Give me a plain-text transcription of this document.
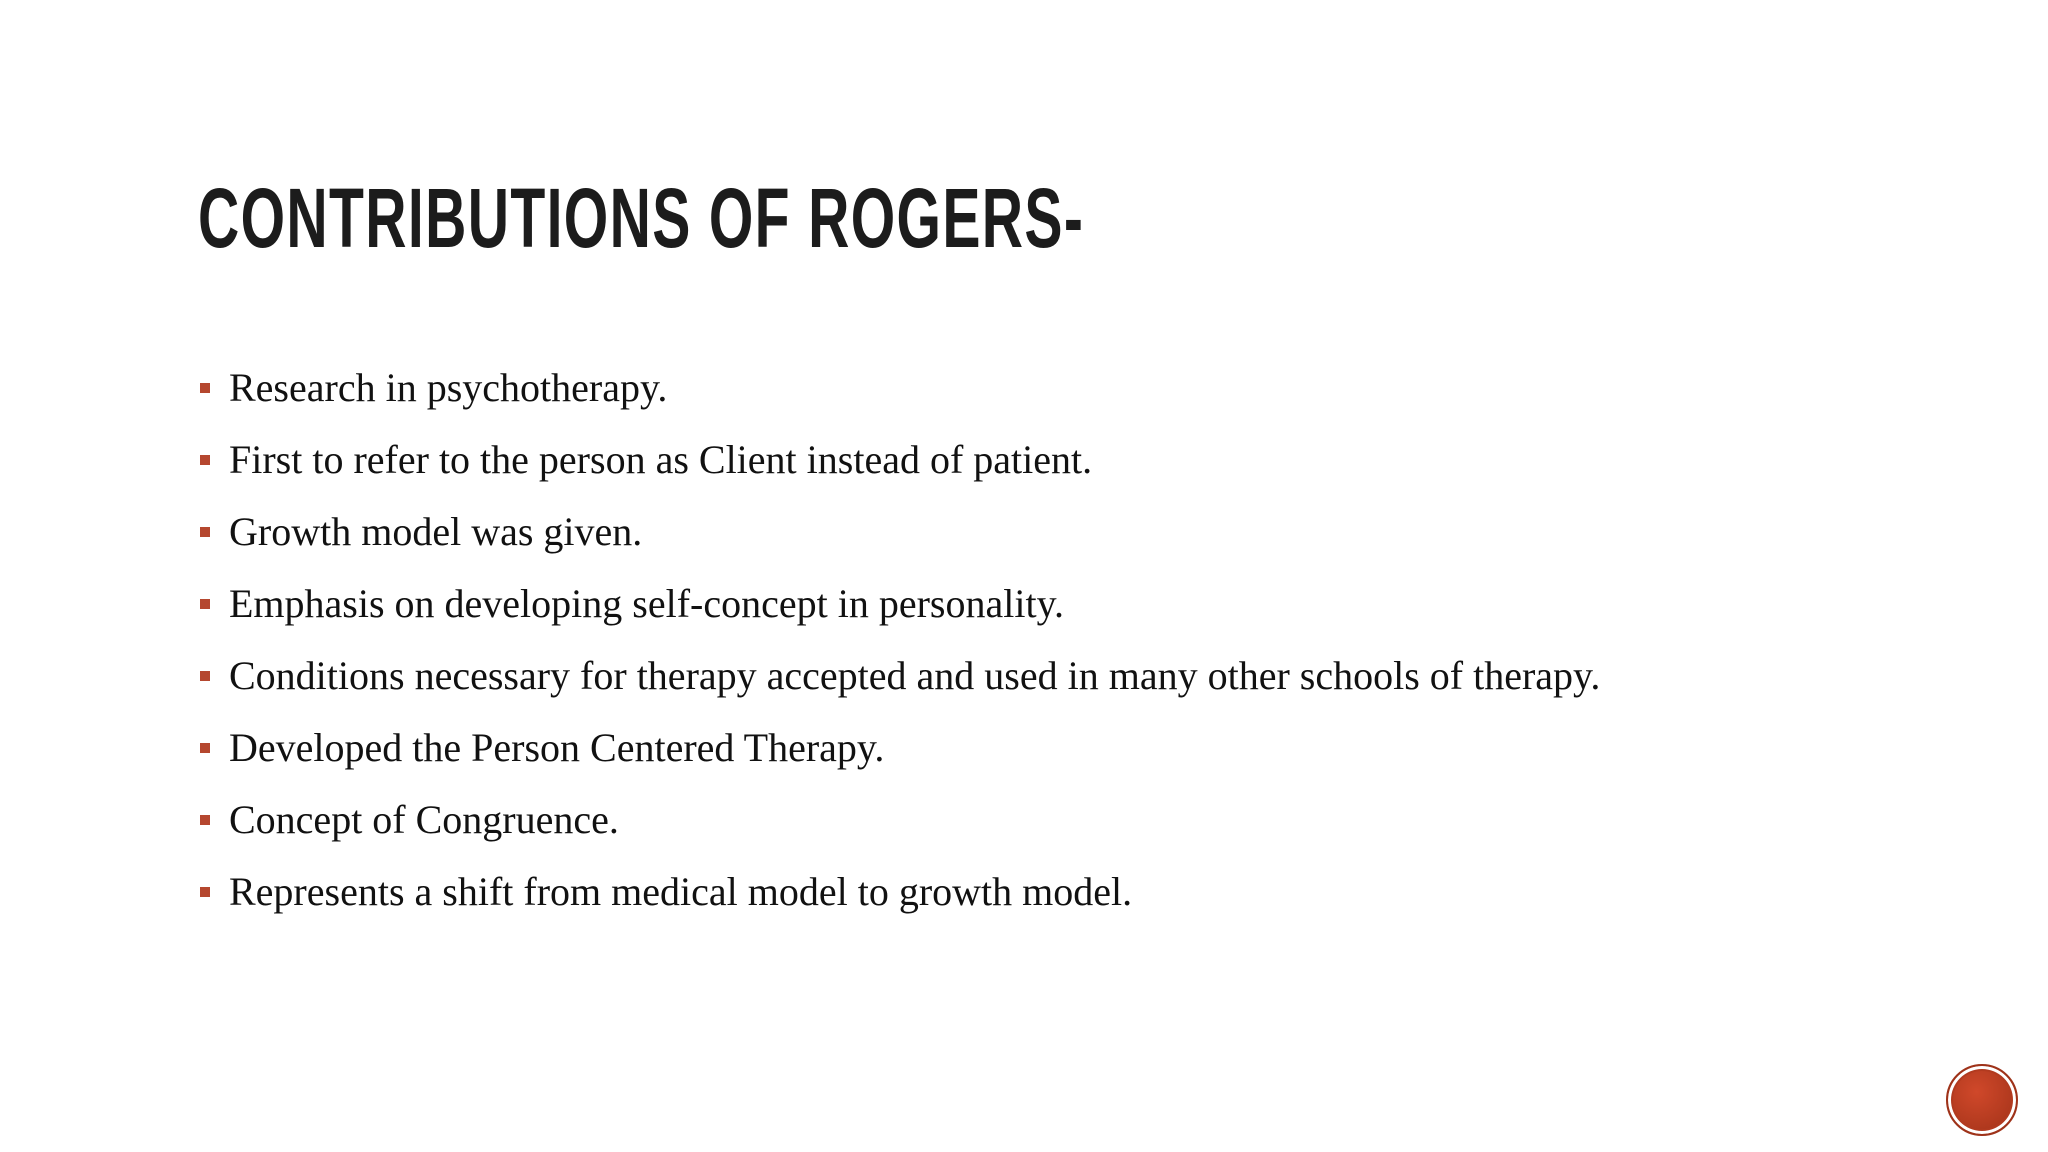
CONTRIBUTIONS OF ROGERS-
Research in psychotherapy.
First to refer to the person as Client instead of patient.
Growth model was given.
Emphasis on developing self-concept in personality.
Conditions necessary for therapy accepted and used in many other schools of therapy.
Developed the Person Centered Therapy.
Concept of Congruence.
Represents a shift from medical model to growth model.
